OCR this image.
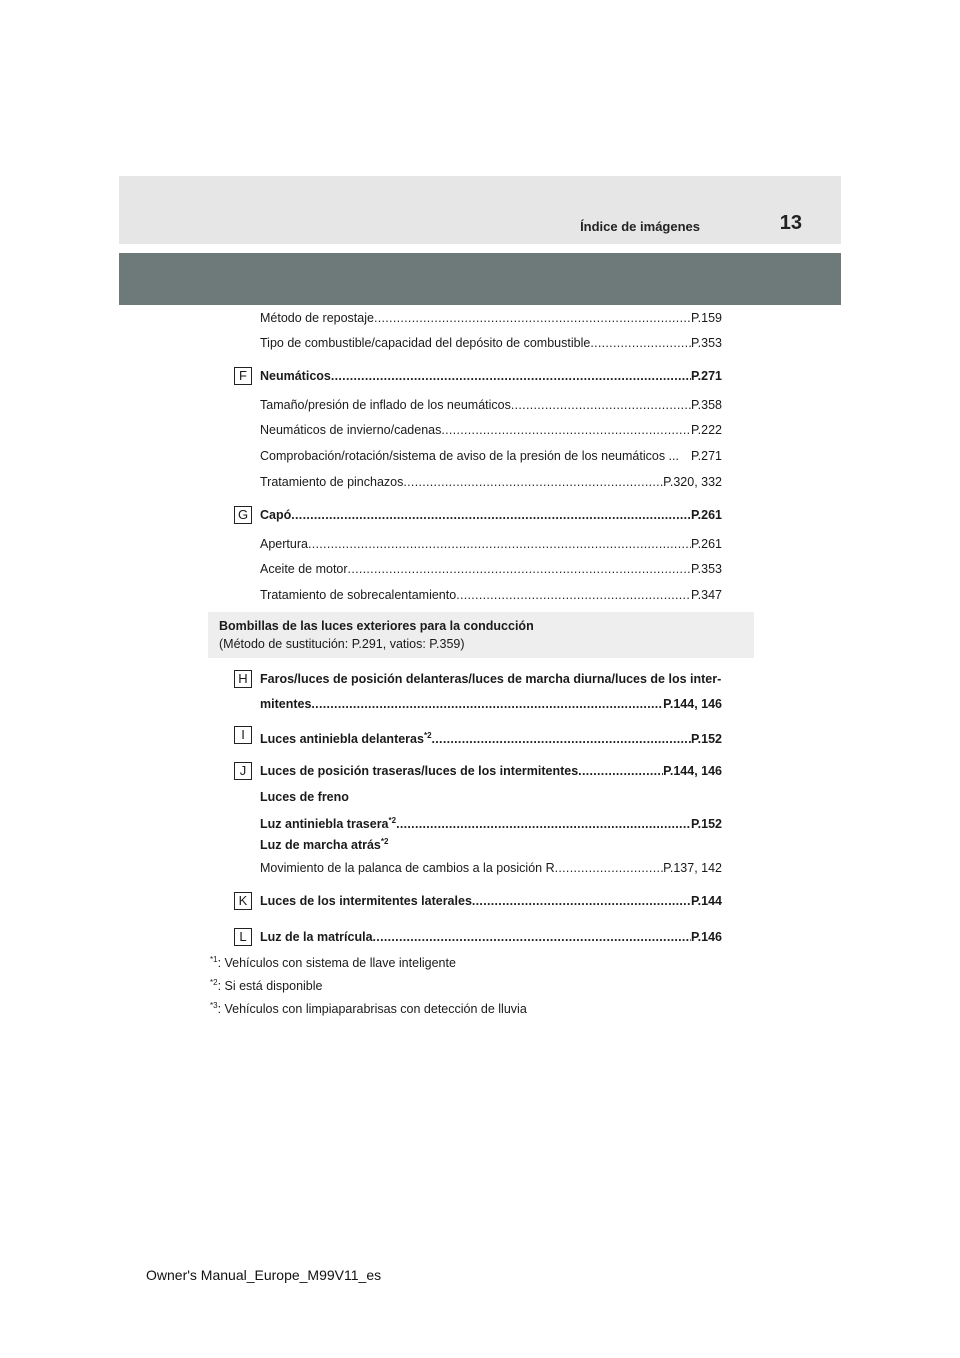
Índice de imágenes	13
Método de repostaje .....	P.159
Tipo de combustible/capacidad del depósito de combustible .....	P.353
F	Neumáticos .....	P.271
Tamaño/presión de inflado de los neumáticos .....	P.358
Neumáticos de invierno/cadenas .....	P.222
Comprobación/rotación/sistema de aviso de la presión de los neumáticos ... P.271
Tratamiento de pinchazos .....	P.320, 332
G Capó .....	P.261
Apertura .....	P.261
Aceite de motor .....	P.353
Tratamiento de sobrecalentamiento .....	P.347
Bombillas de las luces exteriores para la conducción
(Método de sustitución: P.291, vatios: P.359)
H Faros/luces de posición delanteras/luces de marcha diurna/luces de los inter-
mitentes .....	P.144, 146
I	Luces antiniebla delanteras$^{*2}$ .....	P.152
J	Luces de posición traseras/luces de los intermitentes .....	P.144, 146
Luces de freno
Luz antiniebla trasera$^{*2}$ .....	P.152
Luz de marcha atrás$^{*2}$
Movimiento de la palanca de cambios a la posición R .....	P.137, 142
K	Luces de los intermitentes laterales .....	P.144
L	Luz de la matrícula .....	P.146
$^{*1}$: Vehículos con sistema de llave inteligente
$^{*2}$: Si está disponible
$^{*3}$: Vehículos con limpiaparabrisas con detección de lluvia
Owner's Manual_Europe_M99V11_es
